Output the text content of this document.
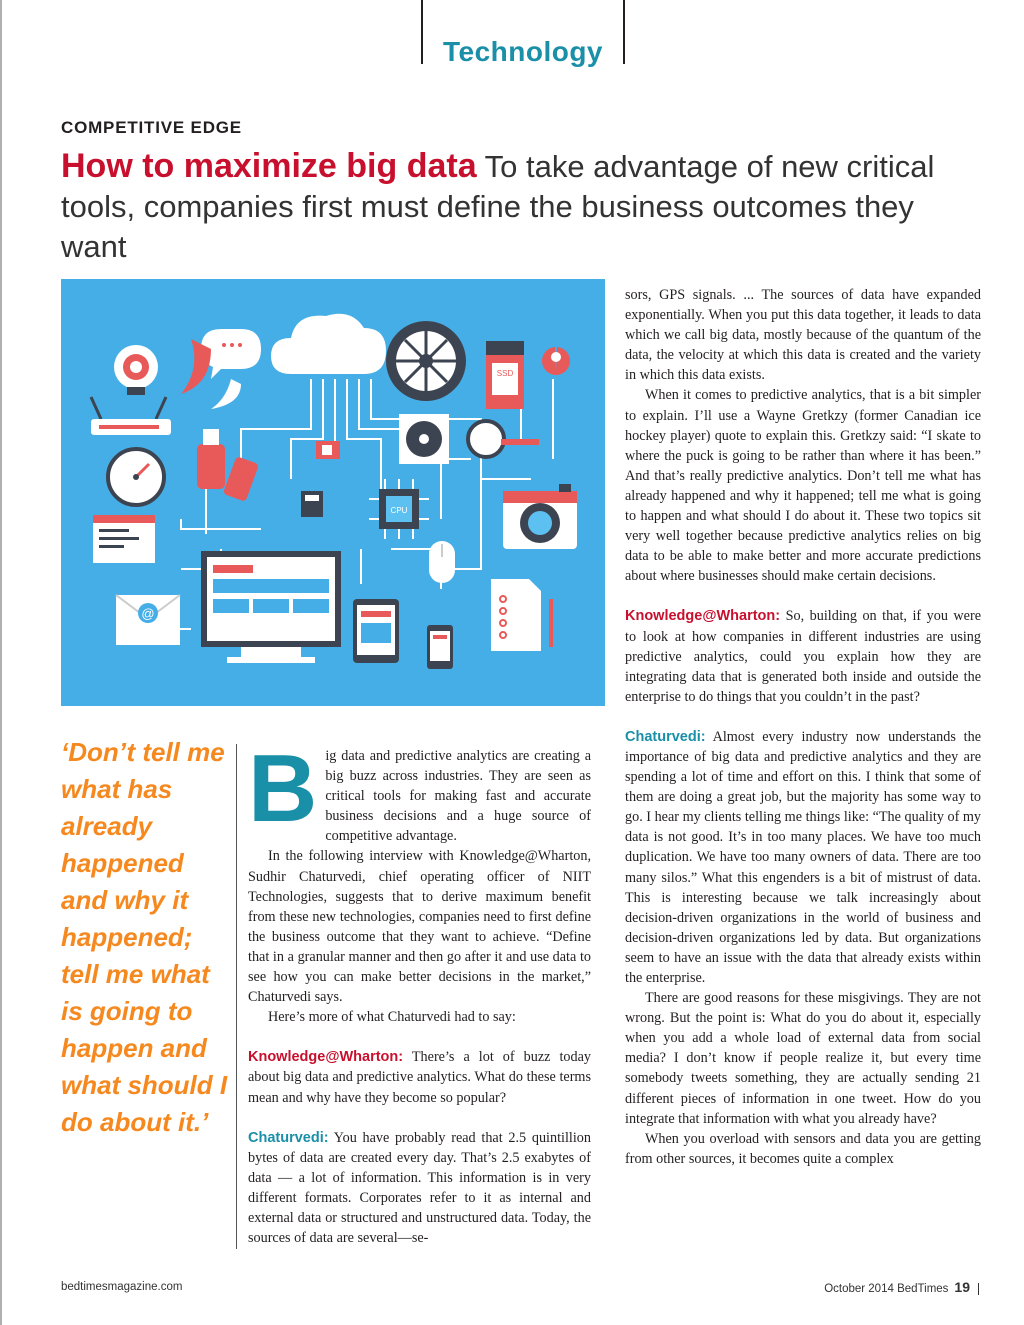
Technology
COMPETITIVE EDGE
How to maximize big data To take advantage of new critical tools, companies first must define the business outcomes they want
SSD
CPU
@

‘Don’t tell me what has already happened and why it happened; tell me what is going to happen and what should I do about it.’

Big data and predictive analytics are creating a big buzz across industries. They are seen as critical tools for making fast and accurate business decisions and a huge source of competitive advantage.

In the following interview with Knowledge@Wharton, Sudhir Chaturvedi, chief operating officer of NIIT Technologies, suggests that to derive maximum benefit from these new technologies, companies need to first define the business outcome that they want to achieve. “Define that in a granular manner and then go after it and use data to see how you can make better decisions in the market,” Chaturvedi says.

Here’s more of what Chaturvedi had to say:

Knowledge@Wharton: There’s a lot of buzz today about big data and predictive analytics. What do these terms mean and why have they become so popular?

Chaturvedi: You have probably read that 2.5 quintillion bytes of data are created every day. That’s 2.5 exabytes of data — a lot of information. This information is in very different formats. Corporates refer to it as internal and external data or structured and unstructured data. Today, the sources of data are several—se-

sors, GPS signals. ... The sources of data have expanded exponentially. When you put this data together, it leads to data which we call big data, mostly because of the quantum of the data, the velocity at which this data is created and the variety in which this data exists.

When it comes to predictive analytics, that is a bit simpler to explain. I’ll use a Wayne Gretkzy (former Canadian ice hockey player) quote to explain this. Gretkzy said: “I skate to where the puck is going to be rather than where it has been.” And that’s really predictive analytics. Don’t tell me what has already happened and why it happened; tell me what is going to happen and what should I do about it. These two topics sit very well together because predictive analytics relies on big data to be able to make better and more accurate predictions about where businesses should make certain decisions.

Knowledge@Wharton: So, building on that, if you were to look at how companies in different industries are using predictive analytics, could you explain how they are integrating data that is generated both inside and outside the enterprise to do things that you couldn’t in the past?

Chaturvedi: Almost every industry now understands the importance of big data and predictive analytics and they are spending a lot of time and effort on this. I think that some of them are doing a great job, but the majority has some way to go. I hear my clients telling me things like: “The quality of my data is not good. It’s in too many places. We have too much duplication. We have too many owners of data. There are too many silos.” What this engenders is a bit of mistrust of data. This is interesting because we talk increasingly about decision-driven organizations in the world of business and decision-driven organizations led by data. But organizations seem to have an issue with the data that already exists within the enterprise.

There are good reasons for these misgivings. They are not wrong. But the point is: What do you do about it, especially when you add a whole load of external data from social media? I don’t know if people realize it, but every time somebody tweets something, they are actually sending 21 different pieces of information in one tweet. How do you integrate that information with what you already have?

When you overload with sensors and data you are getting from other sources, it becomes quite a complex

bedtimesmagazine.com	October 2014 BedTimes 19
